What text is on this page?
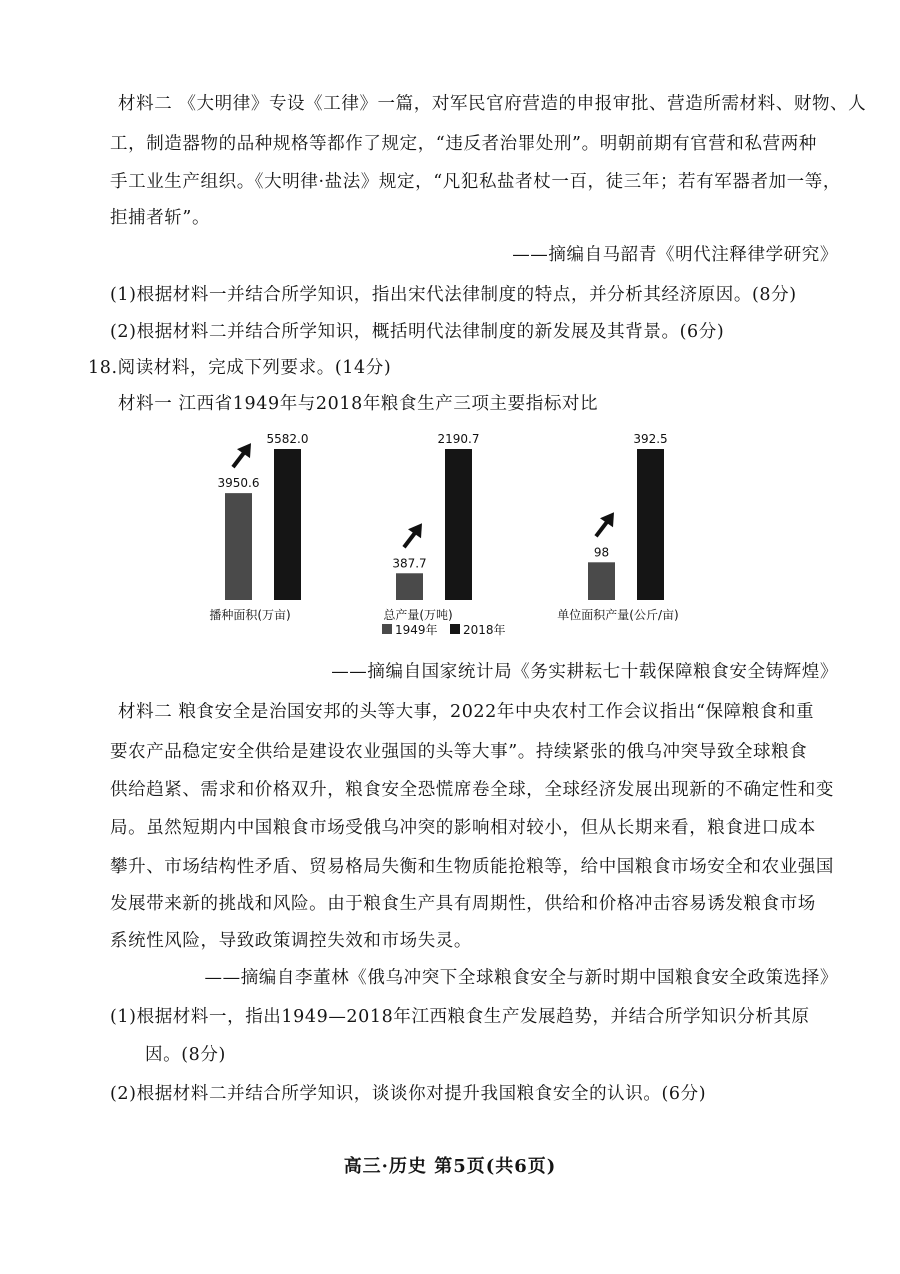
材料二 《大明律》专设《工律》一篇，对军民官府营造的申报审批、营造所需材料、财物、人
工，制造器物的品种规格等都作了规定，“违反者治罪处刑”。明朝前期有官营和私营两种
手工业生产组织。《大明律·盐法》规定，“凡犯私盐者杖一百，徒三年；若有军器者加一等，
拒捕者斩”。
——摘编自马韶青《明代注释律学研究》
(1)根据材料一并结合所学知识，指出宋代法律制度的特点，并分析其经济原因。(8分)
(2)根据材料二并结合所学知识，概括明代法律制度的新发展及其背景。(6分)
18.阅读材料，完成下列要求。(14分)
材料一 江西省1949年与2018年粮食生产三项主要指标对比
3950.6
5582.0
播种面积(万亩)
387.7
2190.7
总产量(万吨)
98
392.5
单位面积产量(公斤/亩)
1949年 2018年
——摘编自国家统计局《务实耕耘七十载保障粮食安全铸辉煌》
材料二 粮食安全是治国安邦的头等大事，2022年中央农村工作会议指出“保障粮食和重
要农产品稳定安全供给是建设农业强国的头等大事”。持续紧张的俄乌冲突导致全球粮食
供给趋紧、需求和价格双升，粮食安全恐慌席卷全球，全球经济发展出现新的不确定性和变
局。虽然短期内中国粮食市场受俄乌冲突的影响相对较小，但从长期来看，粮食进口成本
攀升、市场结构性矛盾、贸易格局失衡和生物质能抢粮等，给中国粮食市场安全和农业强国
发展带来新的挑战和风险。由于粮食生产具有周期性，供给和价格冲击容易诱发粮食市场
系统性风险，导致政策调控失效和市场失灵。
——摘编自李董林《俄乌冲突下全球粮食安全与新时期中国粮食安全政策选择》
(1)根据材料一，指出1949—2018年江西粮食生产发展趋势，并结合所学知识分析其原
因。(8分)
(2)根据材料二并结合所学知识，谈谈你对提升我国粮食安全的认识。(6分)
高三·历史 第5页(共6页)
